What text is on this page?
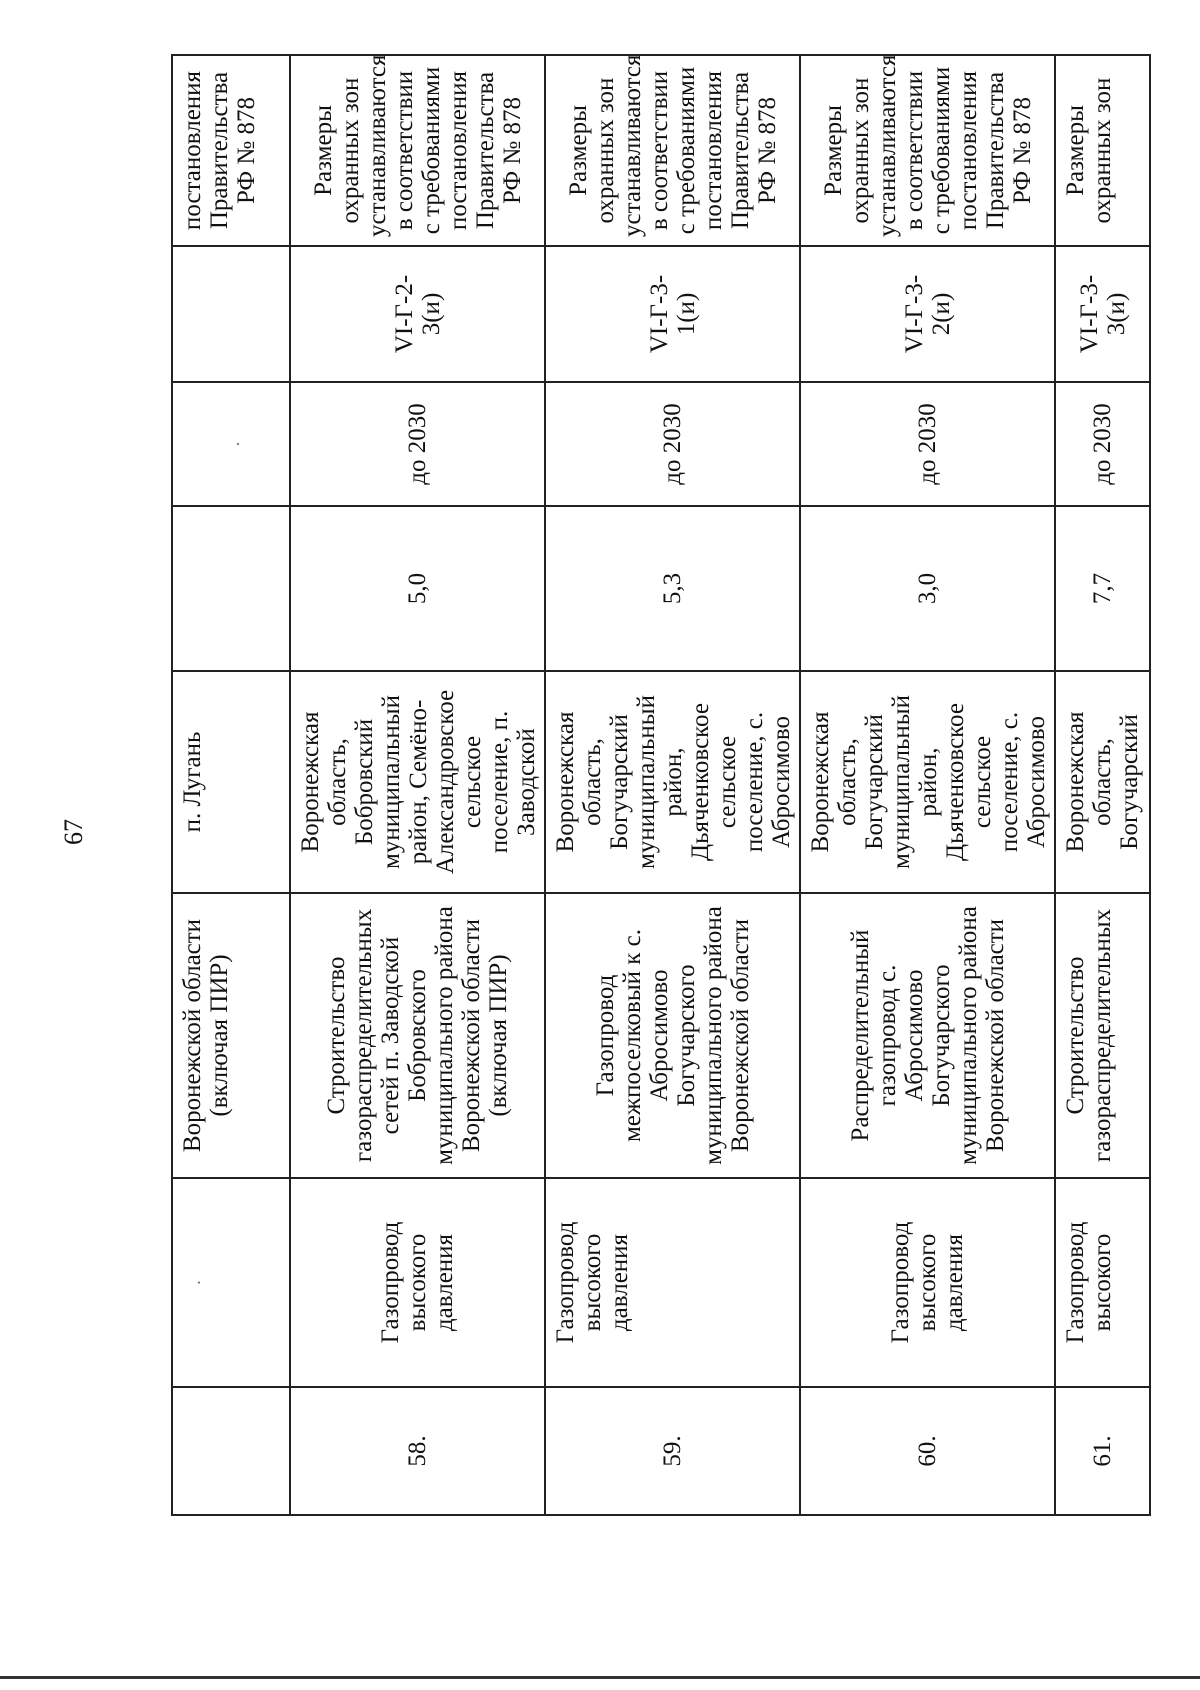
67
	.	Воронежской области (включая ПИР)	п. Лугань		.		постановления Правительства РФ № 878
58.	Газопровод высокого давления	Строительство газораспределительных сетей п. Заводской Бобровского муниципального района Воронежской области (включая ПИР)	Воронежская область, Бобровский муниципальный район, Семёно-Александровское сельское поселение, п. Заводской	5,0	до 2030	VI-Г-2-3(и)	Размеры охранных зон устанавливаются в соответствии с требованиями постановления Правительства РФ № 878
59.	Газопровод высокого давления	Газопровод межпоселковый к с. Абросимово Богучарского муниципального района Воронежской области	Воронежская область, Богучарский муниципальный район, Дьяченковское сельское поселение, с. Абросимово	5,3	до 2030	VI-Г-3-1(и)	Размеры охранных зон устанавливаются в соответствии с требованиями постановления Правительства РФ № 878
60.	Газопровод высокого давления	Распределительный газопровод с. Абросимово Богучарского муниципального района Воронежской области	Воронежская область, Богучарский муниципальный район, Дьяченковское сельское поселение, с. Абросимово	3,0	до 2030	VI-Г-3-2(и)	Размеры охранных зон устанавливаются в соответствии с требованиями постановления Правительства РФ № 878
61.	Газопровод высокого	Строительство газораспределительных	Воронежская область, Богучарский	7,7	до 2030	VI-Г-3-3(и)	Размеры охранных зон
